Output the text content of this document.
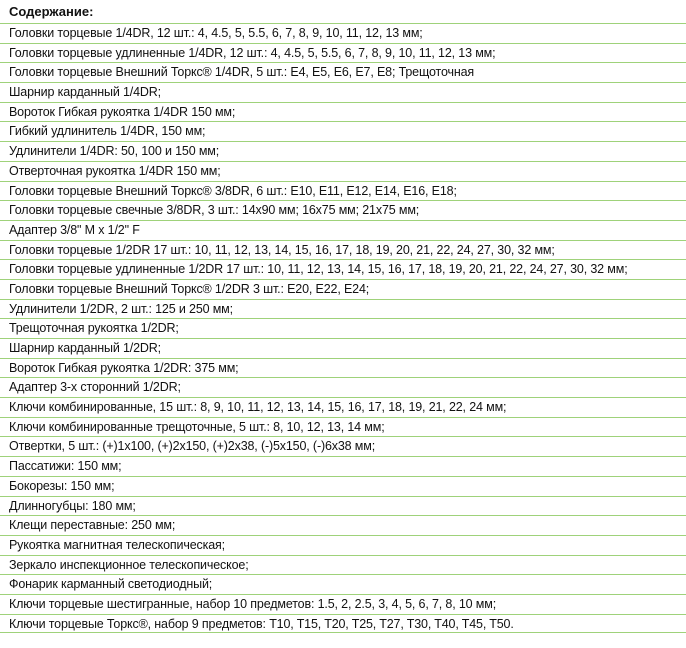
Содержание:
Головки торцевые 1/4DR, 12 шт.: 4, 4.5, 5, 5.5, 6, 7, 8, 9, 10, 11, 12, 13 мм;
Головки торцевые удлиненные 1/4DR, 12 шт.: 4, 4.5, 5, 5.5, 6, 7, 8, 9, 10, 11, 12, 13 мм;
Головки торцевые Внешний Торкс® 1/4DR, 5 шт.: E4, E5, E6, E7, E8; Трещоточная
Шарнир карданный 1/4DR;
Вороток Гибкая рукоятка 1/4DR 150 мм;
Гибкий удлинитель 1/4DR, 150 мм;
Удлинители 1/4DR: 50, 100 и 150 мм;
Отверточная рукоятка 1/4DR 150 мм;
Головки торцевые Внешний Торкс® 3/8DR, 6 шт.: E10, E11, E12, E14, E16, E18;
Головки торцевые свечные 3/8DR, 3 шт.: 14x90 мм; 16x75 мм; 21x75 мм;
Адаптер 3/8" M x 1/2" F
Головки торцевые 1/2DR 17 шт.: 10, 11, 12, 13, 14, 15, 16, 17, 18, 19, 20, 21, 22, 24, 27, 30, 32 мм;
Головки торцевые удлиненные 1/2DR 17 шт.: 10, 11, 12, 13, 14, 15, 16, 17, 18, 19, 20, 21, 22, 24, 27, 30, 32 мм;
Головки торцевые Внешний Торкс® 1/2DR 3 шт.: E20, E22, E24;
Удлинители 1/2DR, 2 шт.: 125 и 250 мм;
Трещоточная рукоятка 1/2DR;
Шарнир карданный 1/2DR;
Вороток Гибкая рукоятка 1/2DR: 375 мм;
Адаптер 3-х сторонний 1/2DR;
Ключи комбинированные, 15 шт.: 8, 9, 10, 11, 12, 13, 14, 15, 16, 17, 18, 19, 21, 22, 24 мм;
Ключи комбинированные трещоточные, 5 шт.: 8, 10, 12, 13, 14 мм;
Отвертки, 5 шт.: (+)1x100, (+)2x150, (+)2x38, (-)5x150, (-)6x38 мм;
Пассатижи: 150 мм;
Бокорезы: 150 мм;
Длинногубцы: 180 мм;
Клещи переставные: 250 мм;
Рукоятка магнитная телескопическая;
Зеркало инспекционное телескопическое;
Фонарик карманный светодиодный;
Ключи торцевые шестигранные, набор 10 предметов: 1.5, 2, 2.5, 3, 4, 5, 6, 7, 8, 10 мм;
Ключи торцевые Торкс®, набор 9 предметов: T10, T15, T20, T25, T27, T30, T40, T45, T50.
